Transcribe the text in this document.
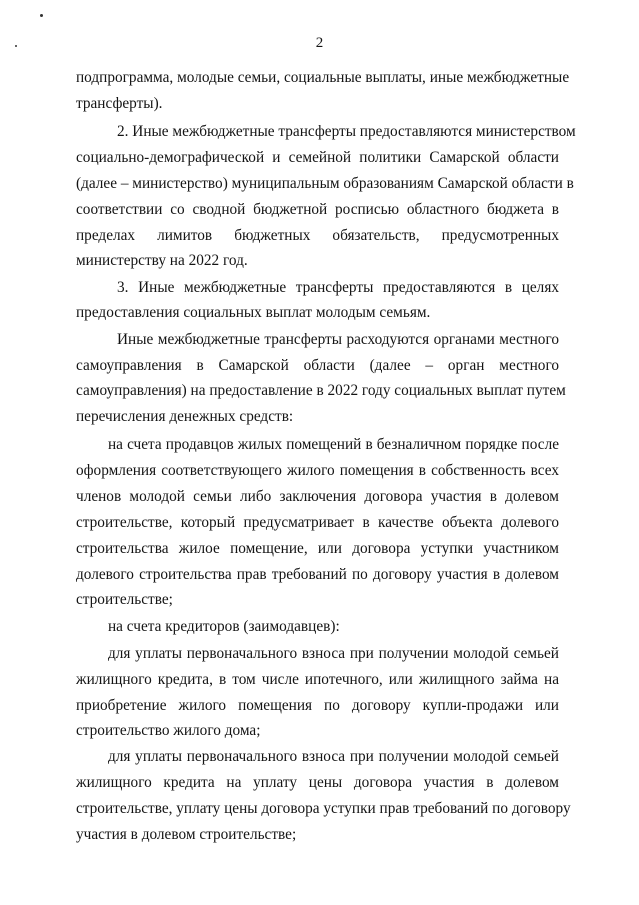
2
подпрограмма, молодые семьи, социальные выплаты, иные межбюджетные
трансферты).
2. Иные межбюджетные трансферты предоставляются министерством
социально-демографической и семейной политики Самарской области
(далее – министерство) муниципальным образованиям Самарской области в
соответствии со сводной бюджетной росписью областного бюджета в
пределах лимитов бюджетных обязательств, предусмотренных
министерству на 2022 год.
3. Иные межбюджетные трансферты предоставляются в целях
предоставления социальных выплат молодым семьям.
Иные межбюджетные трансферты расходуются органами местного
самоуправления в Самарской области (далее – орган местного
самоуправления) на предоставление в 2022 году социальных выплат путем
перечисления денежных средств:
на счета продавцов жилых помещений в безналичном порядке после
оформления соответствующего жилого помещения в собственность всех
членов молодой семьи либо заключения договора участия в долевом
строительстве, который предусматривает в качестве объекта долевого
строительства жилое помещение, или договора уступки участником
долевого строительства прав требований по договору участия в долевом
строительстве;
на счета кредиторов (заимодавцев):
для уплаты первоначального взноса при получении молодой семьей
жилищного кредита, в том числе ипотечного, или жилищного займа на
приобретение жилого помещения по договору купли-продажи или
строительство жилого дома;
для уплаты первоначального взноса при получении молодой семьей
жилищного кредита на уплату цены договора участия в долевом
строительстве, уплату цены договора уступки прав требований по договору
участия в долевом строительстве;
